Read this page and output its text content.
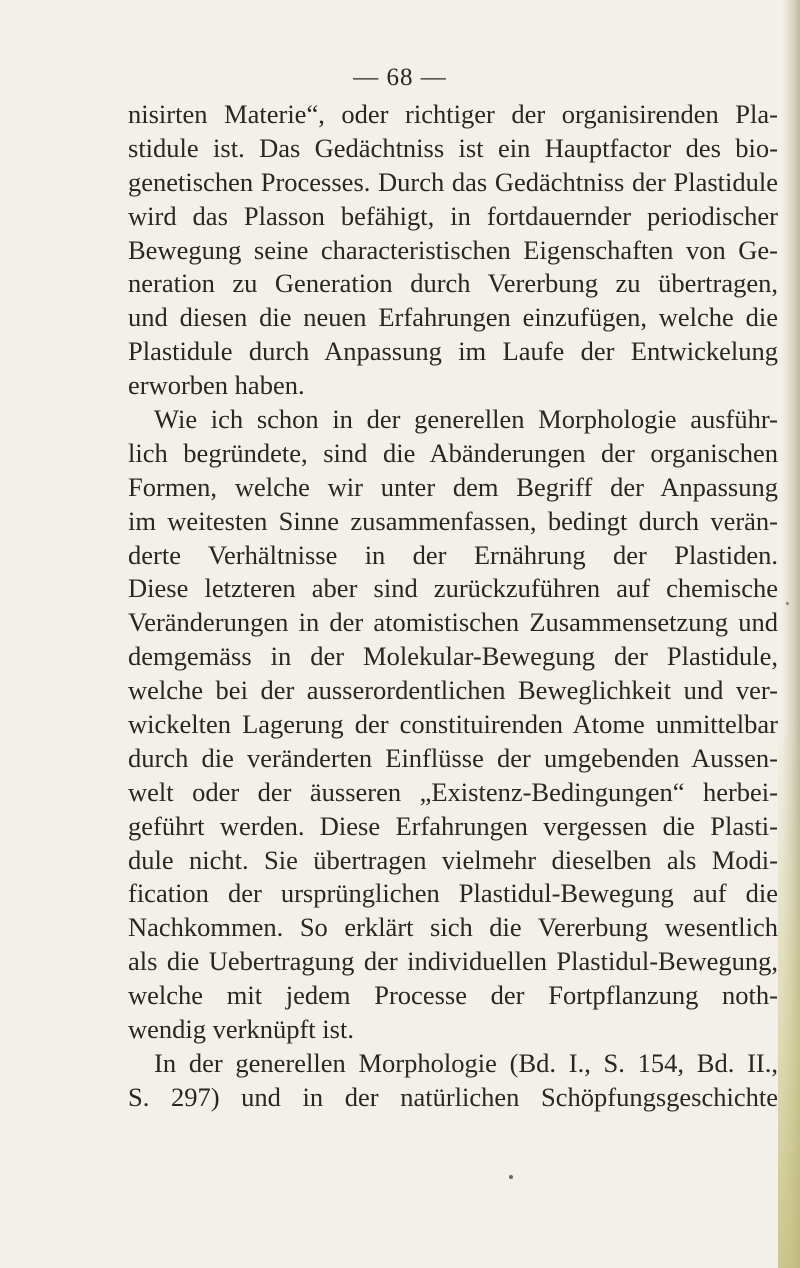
— 68 —
nisirten Materie“, oder richtiger der organisirenden Pla-
stidule ist. Das Gedächtniss ist ein Hauptfactor des bio-
genetischen Processes. Durch das Gedächtniss der Plastidule
wird das Plasson befähigt, in fortdauernder periodischer
Bewegung seine characteristischen Eigenschaften von Ge-
neration zu Generation durch Vererbung zu übertragen,
und diesen die neuen Erfahrungen einzufügen, welche die
Plastidule durch Anpassung im Laufe der Entwickelung
erworben haben.
Wie ich schon in der generellen Morphologie ausführ-
lich begründete, sind die Abänderungen der organischen
Formen, welche wir unter dem Begriff der Anpassung
im weitesten Sinne zusammenfassen, bedingt durch verän-
derte Verhältnisse in der Ernährung der Plastiden.
Diese letzteren aber sind zurückzuführen auf chemische
Veränderungen in der atomistischen Zusammensetzung und
demgemäss in der Molekular-Bewegung der Plastidule,
welche bei der ausserordentlichen Beweglichkeit und ver-
wickelten Lagerung der constituirenden Atome unmittelbar
durch die veränderten Einflüsse der umgebenden Aussen-
welt oder der äusseren „Existenz-Bedingungen“ herbei-
geführt werden. Diese Erfahrungen vergessen die Plasti-
dule nicht. Sie übertragen vielmehr dieselben als Modi-
fication der ursprünglichen Plastidul-Bewegung auf die
Nachkommen. So erklärt sich die Vererbung wesentlich
als die Uebertragung der individuellen Plastidul-Bewegung,
welche mit jedem Processe der Fortpflanzung noth-
wendig verknüpft ist.
In der generellen Morphologie (Bd. I., S. 154, Bd. II.,
S. 297) und in der natürlichen Schöpfungsgeschichte
